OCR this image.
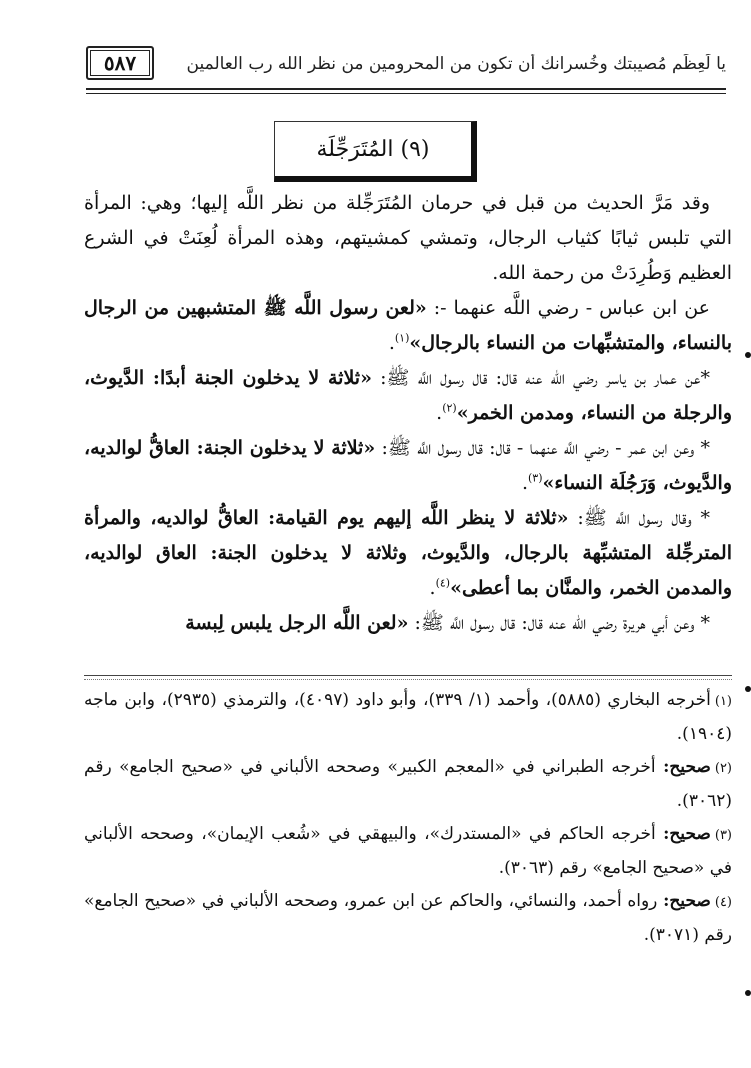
يا لَعِظَم مُصيبتك وخُسرانك أن تكون من المحرومين من نظر الله رب العالمين
٥٨٧
(٩) المُتَرَجِّلَة

وقد مَرَّ الحديث من قبل في حرمان المُتَرَجِّلة من نظر اللَّه إليها؛ وهي: المرأة التي تلبس ثيابًا كثياب الرجال، وتمشي كمشيتهم، وهذه المرأة لُعِنَتْ في الشرع العظيم وَطُرِدَتْ من رحمة الله.

عن ابن عباس - رضي اللَّه عنهما -: «لعن رسول اللَّه ﷺ المتشبهين من الرجال بالنساء، والمتشبِّهات من النساء بالرجال»$^{(١)}$.

*عن عمار بن ياسر رضي الله عنه قال: قال رسول اللَّه ﷺ: «ثلاثة لا يدخلون الجنة أبدًا: الدَّيوث، والرجلة من النساء، ومدمن الخمر»$^{(٢)}$.

* وعن ابن عمر - رضي اللَّه عنهما - قال: قال رسول اللَّه ﷺ: «ثلاثة لا يدخلون الجنة: العاقُّ لوالديه، والدَّيوث، وَرَجُلَة النساء»$^{(٣)}$.

* وقال رسول اللَّه ﷺ: «ثلاثة لا ينظر اللَّه إليهم يوم القيامة: العاقُّ لوالديه، والمرأة المترجِّلة المتشبِّهة بالرجال، والدَّيوث، وثلاثة لا يدخلون الجنة: العاق لوالديه، والمدمن الخمر، والمنَّان بما أعطى»$^{(٤)}$.

* وعن أبي هريرة رضي الله عنه قال: قال رسول اللَّه ﷺ: «لعن اللَّه الرجل يلبس لِبسة

(١)أخرجه البخاري (٥٨٨٥)، وأحمد (١/ ٣٣٩)، وأبو داود (٤٠٩٧)، والترمذي (٢٩٣٥)، وابن ماجه (١٩٠٤).

(٢)صحيح: أخرجه الطبراني في «المعجم الكبير» وصححه الألباني في «صحيح الجامع» رقم (٣٠٦٢).

(٣)صحيح: أخرجه الحاكم في «المستدرك»، والبيهقي في «شُعب الإيمان»، وصححه الألباني في «صحيح الجامع» رقم (٣٠٦٣).

(٤)صحيح: رواه أحمد، والنسائي، والحاكم عن ابن عمرو، وصححه الألباني في «صحيح الجامع» رقم (٣٠٧١).
